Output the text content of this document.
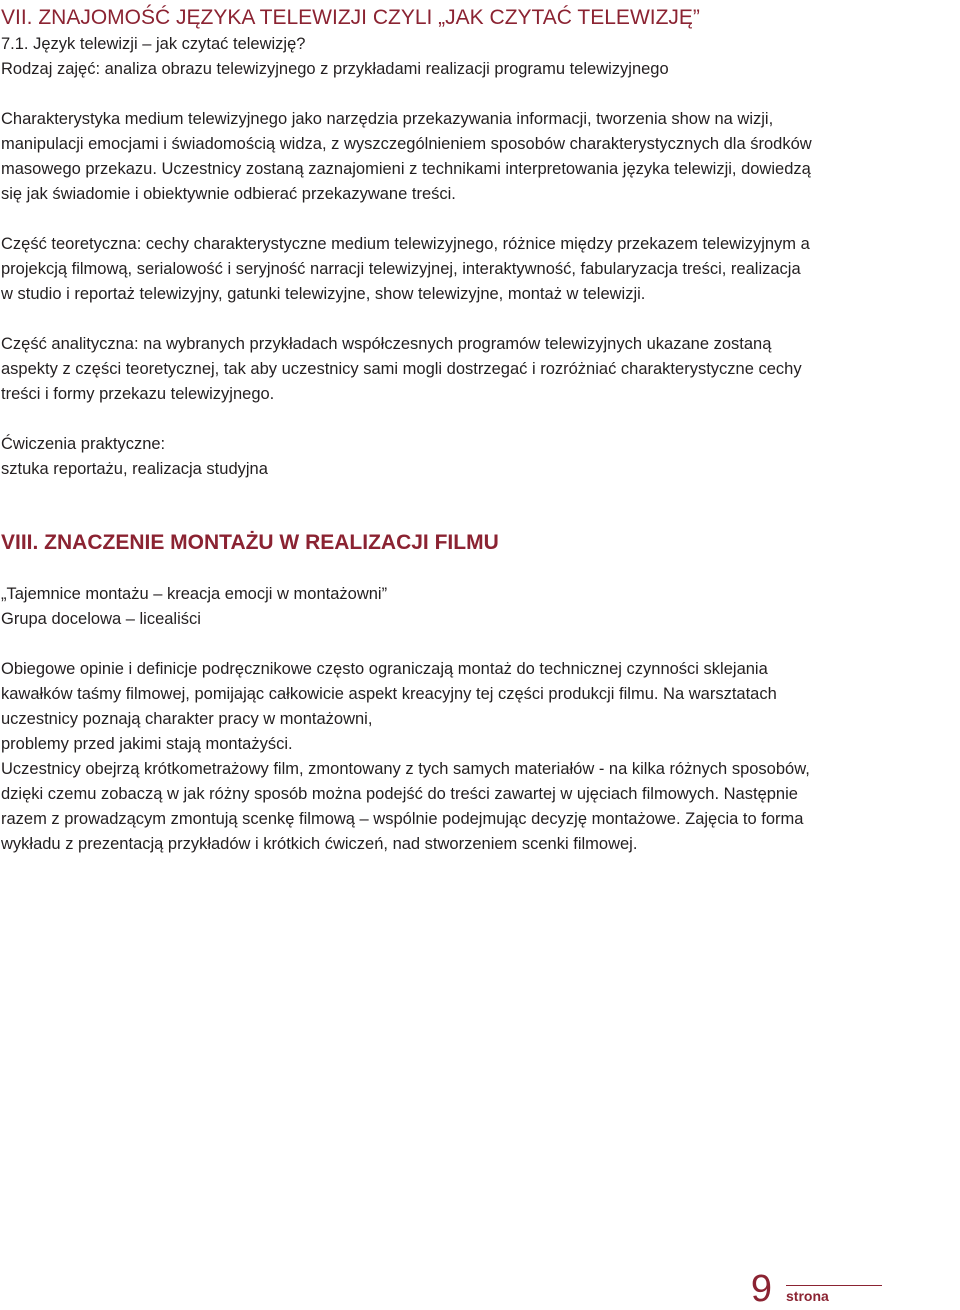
VII. ZNAJOMOŚĆ JĘZYKA TELEWIZJI CZYLI „JAK CZYTAĆ TELEWIZJĘ”

7.1. Język telewizji – jak czytać telewizję?

Rodzaj zajęć: analiza obrazu telewizyjnego z przykładami realizacji programu telewizyjnego

Charakterystyka medium telewizyjnego jako narzędzia przekazywania informacji, tworzenia show na wizji,
manipulacji emocjami i świadomością widza, z wyszczególnieniem sposobów charakterystycznych dla środków
masowego przekazu. Uczestnicy zostaną zaznajomieni z technikami interpretowania języka telewizji, dowiedzą
się jak świadomie i obiektywnie odbierać przekazywane treści.
Część teoretyczna: cechy charakterystyczne medium telewizyjnego, różnice między przekazem telewizyjnym a
projekcją filmową, serialowość i seryjność narracji telewizyjnej, interaktywność, fabularyzacja treści, realizacja
w studio i reportaż telewizyjny, gatunki telewizyjne, show telewizyjne, montaż w telewizji.
Część analityczna: na wybranych przykładach współczesnych programów telewizyjnych ukazane zostaną
aspekty z części teoretycznej, tak aby uczestnicy sami mogli dostrzegać i rozróżniać charakterystyczne cechy
treści i formy przekazu telewizyjnego.

Ćwiczenia praktyczne:

sztuka reportażu, realizacja studyjna

VIII. ZNACZENIE MONTAŻU W REALIZACJI FILMU

„Tajemnice montażu – kreacja emocji w montażowni”

Grupa docelowa – licealiści

Obiegowe opinie i definicje podręcznikowe często ograniczają montaż do technicznej czynności sklejania
kawałków taśmy filmowej, pomijając całkowicie aspekt kreacyjny tej części produkcji filmu. Na warsztatach
uczestnicy poznają charakter pracy w montażowni,
problemy przed jakimi stają montażyści.
Uczestnicy obejrzą krótkometrażowy film, zmontowany z tych samych materiałów - na kilka różnych sposobów,
dzięki czemu zobaczą w jak różny sposób można podejść do treści zawartej w ujęciach filmowych. Następnie
razem z prowadzącym zmontują scenkę filmową – wspólnie podejmując decyzję montażowe. Zajęcia to forma
wykładu z prezentacją przykładów i krótkich ćwiczeń, nad stworzeniem scenki filmowej.
9 strona
